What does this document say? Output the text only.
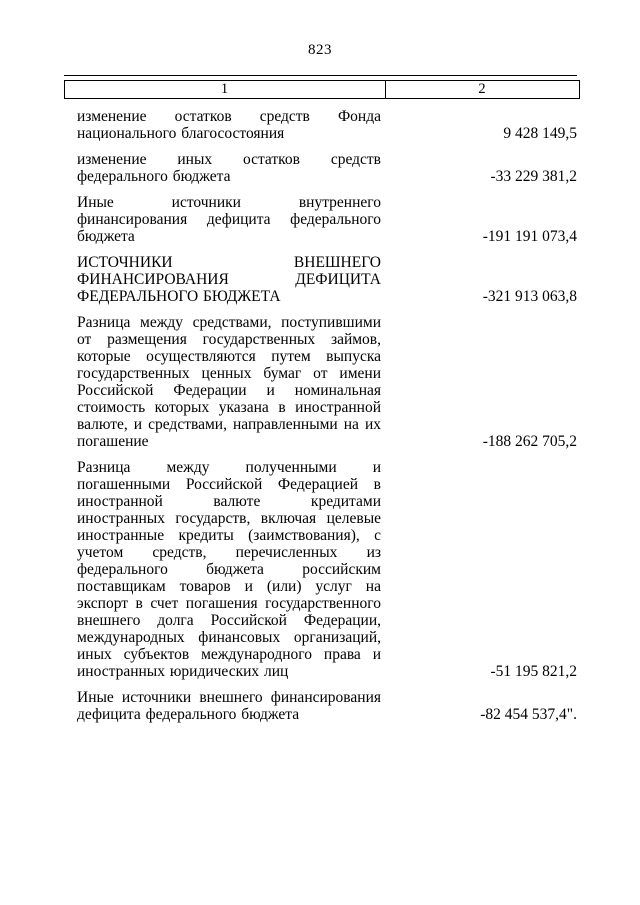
823
1	2
изменение остатков средств Фонда национального благосостояния	9 428 149,5
изменение иных остатков средств федерального бюджета	-33 229 381,2
Иные источники внутреннего финансирования дефицита федерального бюджета	-191 191 073,4
ИСТОЧНИКИ ВНЕШНЕГО ФИНАНСИРОВАНИЯ ДЕФИЦИТА ФЕДЕРАЛЬНОГО БЮДЖЕТА	-321 913 063,8
Разница между средствами, поступившими от размещения государственных займов, которые осуществляются путем выпуска государственных ценных бумаг от имени Российской Федерации и номинальная стоимость которых указана в иностранной валюте, и средствами, направленными на их погашение	-188 262 705,2
Разница между полученными и погашенными Российской Федерацией в иностранной валюте кредитами иностранных государств, включая целевые иностранные кредиты (заимствования), с учетом средств, перечисленных из федерального бюджета российским поставщикам товаров и (или) услуг на экспорт в счет погашения государственного внешнего долга Российской Федерации, международных финансовых организаций, иных субъектов международного права и иностранных юридических лиц	-51 195 821,2
Иные источники внешнего финансирования дефицита федерального бюджета	-82 454 537,4".
